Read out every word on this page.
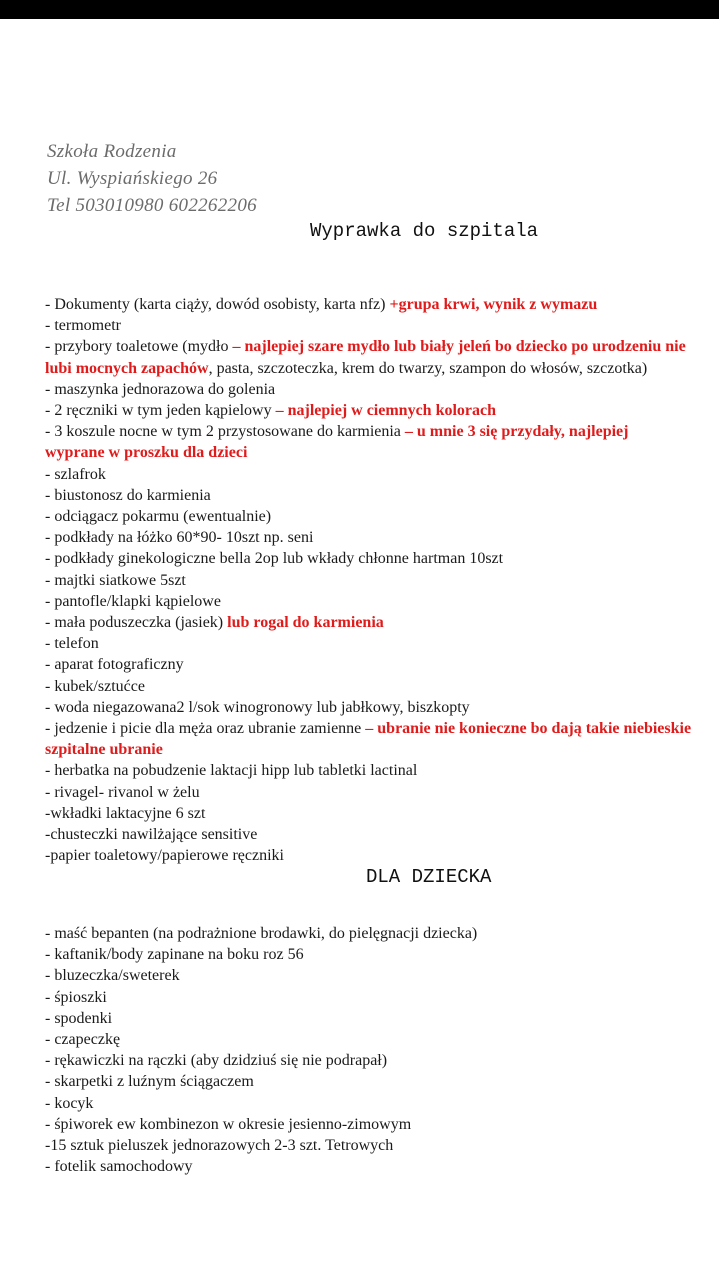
Szkoła Rodzenia
Ul. Wyspiańskiego 26
Tel 503010980 602262206
Wyprawka do szpitala
- Dokumenty (karta ciąży, dowód osobisty, karta nfz) +grupa krwi, wynik z wymazu
- termometr
- przybory toaletowe (mydło – najlepiej szare mydło lub biały jeleń bo dziecko po urodzeniu nie
lubi mocnych zapachów, pasta, szczoteczka, krem do twarzy, szampon do włosów, szczotka)
- maszynka jednorazowa do golenia
- 2 ręczniki w tym jeden kąpielowy – najlepiej w ciemnych kolorach
- 3 koszule nocne w tym 2 przystosowane do karmienia – u mnie 3 się przydały, najlepiej
wyprane w proszku dla dzieci
- szlafrok
- biustonosz do karmienia
- odciągacz pokarmu (ewentualnie)
- podkłady na łóżko 60*90- 10szt np. seni
- podkłady ginekologiczne bella 2op lub wkłady chłonne hartman 10szt
- majtki siatkowe 5szt
- pantofle/klapki kąpielowe
- mała poduszeczka (jasiek) lub rogal do karmienia
- telefon
- aparat fotograficzny
- kubek/sztućce
- woda niegazowana2 l/sok winogronowy lub jabłkowy, biszkopty
- jedzenie i picie dla męża oraz ubranie zamienne – ubranie nie konieczne bo dają takie niebieskie
szpitalne ubranie
- herbatka na pobudzenie laktacji hipp lub tabletki lactinal
- rivagel- rivanol w żelu
-wkładki laktacyjne 6 szt
-chusteczki nawilżające sensitive
-papier toaletowy/papierowe ręczniki
DLA DZIECKA
- maść bepanten (na podrażnione brodawki, do pielęgnacji dziecka)
- kaftanik/body zapinane na boku roz 56
- bluzeczka/sweterek
- śpioszki
- spodenki
- czapeczkę
- rękawiczki na rączki (aby dzidziuś się nie podrapał)
- skarpetki z luźnym ściągaczem
- kocyk
- śpiworek ew kombinezon w okresie jesienno-zimowym
-15 sztuk pieluszek jednorazowych 2-3 szt. Tetrowych
- fotelik samochodowy
